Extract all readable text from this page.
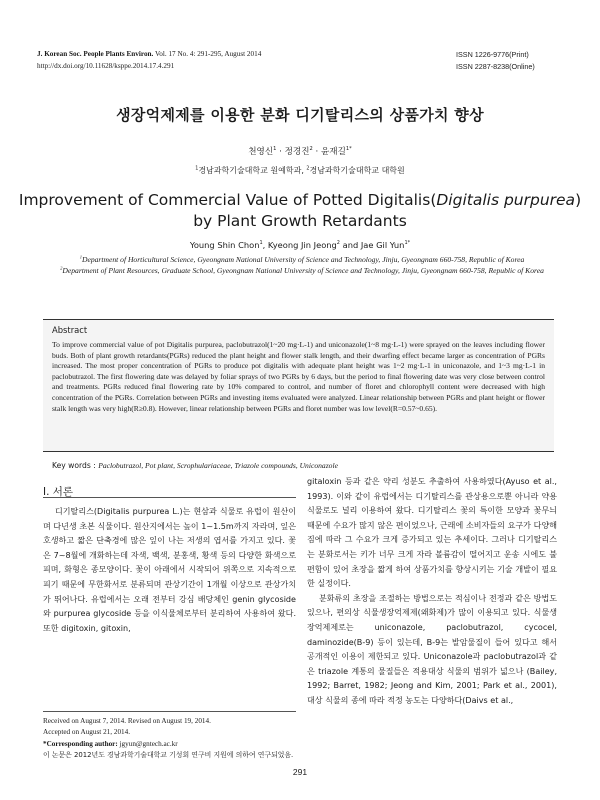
J. Korean Soc. People Plants Environ. Vol. 17 No. 4: 291-295, August 2014
http://dx.doi.org/10.11628/ksppe.2014.17.4.291
ISSN 1226-9776(Print)
ISSN 2287-8238(Online)
생장억제제를 이용한 분화 디기탈리스의 상품가치 향상
천영신$^1$ · 정경진$^2$ · 윤재길$^{1*}$
$^1$경남과학기술대학교 원예학과, $^2$경남과학기술대학교 대학원
Improvement of Commercial Value of Potted Digitalis(Digitalis purpurea)
by Plant Growth Retardants
Young Shin Chon$^1$, Kyeong Jin Jeong$^2$ and Jae Gil Yun$^{1*}$
$^1$Department of Horticultural Science, Gyeongnam National University of Science and Technology, Jinju, Gyeongnam 660-758, Republic of Korea
$^2$Department of Plant Resources, Graduate School, Gyeongnam National University of Science and Technology, Jinju, Gyeongnam 660-758, Republic of Korea
Abstract
To improve commercial value of pot Digitalis purpurea, paclobutrazol(1~20 mg·L-1) and uniconazole(1~8 mg·L-1) were sprayed on the leaves including flower buds. Both of plant growth retardants(PGRs) reduced the plant height and flower stalk length, and their dwarfing effect became larger as concentration of PGRs increased. The most proper concentration of PGRs to produce pot digitalis with adequate plant height was 1~2 mg·L-1 in uniconazole, and 1~3 mg·L-1 in paclobutrazol. The first flowering date was delayed by foliar sprays of two PGRs by 6 days, but the period to final flowering date was very close between control and treatments. PGRs reduced final flowering rate by 10% compared to control, and number of floret and chlorophyll content were decreased with high concentration of the PGRs. Correlation between PGRs and investing items evaluated were analyzed. Linear relationship between PGRs and plant height or flower stalk length was very high(R≥0.8). However, linear relationship between PGRs and floret number was low level(R=0.57~0.65).
Key words : Paclobutrazol, Pot plant, Scrophulariaceae, Triazole compounds, Uniconazole
Ⅰ. 서론

디기탈리스(Digitalis purpurea L.)는 현삼과 식물로 유럽이 원산이며 다년생 초본 식물이다. 원산지에서는 높이 1~1.5m까지 자라며, 잎은 호생하고 짧은 단축경에 많은 잎이 나는 저생의 엽서를 가지고 있다. 꽃은 7~8월에 개화하는데 자색, 백색, 분홍색, 황색 등의 다양한 화색으로 피며, 화형은 종모양이다. 꽃이 아래에서 시작되어 위쪽으로 지속적으로 피기 때문에 무한화서로 분류되며 관상기간이 1개월 이상으로 관상가치가 뛰어나다. 유럽에서는 오래 전부터 강심 배당체인 genin glycoside와 purpurea glycoside 등을 이식물체로부터 분리하여 사용하여 왔다. 또한 digitoxin, gitoxin,

gitaloxin 등과 같은 약리 성분도 추출하여 사용하였다(Ayuso et al., 1993). 이와 같이 유럽에서는 디기탈리스를 관상용으로뿐 아니라 약용식물로도 널리 이용하여 왔다. 디기탈리스 꽃의 특이한 모양과 꽃무늬 때문에 수요가 많지 않은 편이었으나, 근래에 소비자들의 요구가 다양해짐에 따라 그 수요가 크게 증가되고 있는 추세이다. 그러나 디기탈리스는 분화로서는 키가 너무 크게 자라 볼륨감이 떨어지고 운송 시에도 불편함이 있어 초장을 짧게 하여 상품가치를 향상시키는 기술 개발이 필요한 실정이다.

분화류의 초장을 조절하는 방법으로는 적심이나 전정과 같은 방법도 있으나, 편의상 식물생장억제제(왜화제)가 많이 이용되고 있다. 식물생장억제제로는 uniconazole, paclobutrazol, cycocel, daminozide(B-9) 등이 있는데, B-9는 발암물질이 들어 있다고 해서 공개적인 이용이 제한되고 있다. Uniconazole과 paclobutrazol과 같은 triazole 계통의 물질들은 적용대상 식물의 범위가 넓으나 (Bailey, 1992; Barret, 1982; Jeong and Kim, 2001; Park et al., 2001), 대상 식물의 종에 따라 적정 농도는 다양하다(Daivs et al.,

Received on August 7, 2014. Revised on August 19, 2014.
Accepted on August 21, 2014.
*Corresponding author: jgyun@gntech.ac.kr
이 논문은 2012년도 경남과학기술대학교 기성회 연구비 지원에 의하여 연구되었음.
291
